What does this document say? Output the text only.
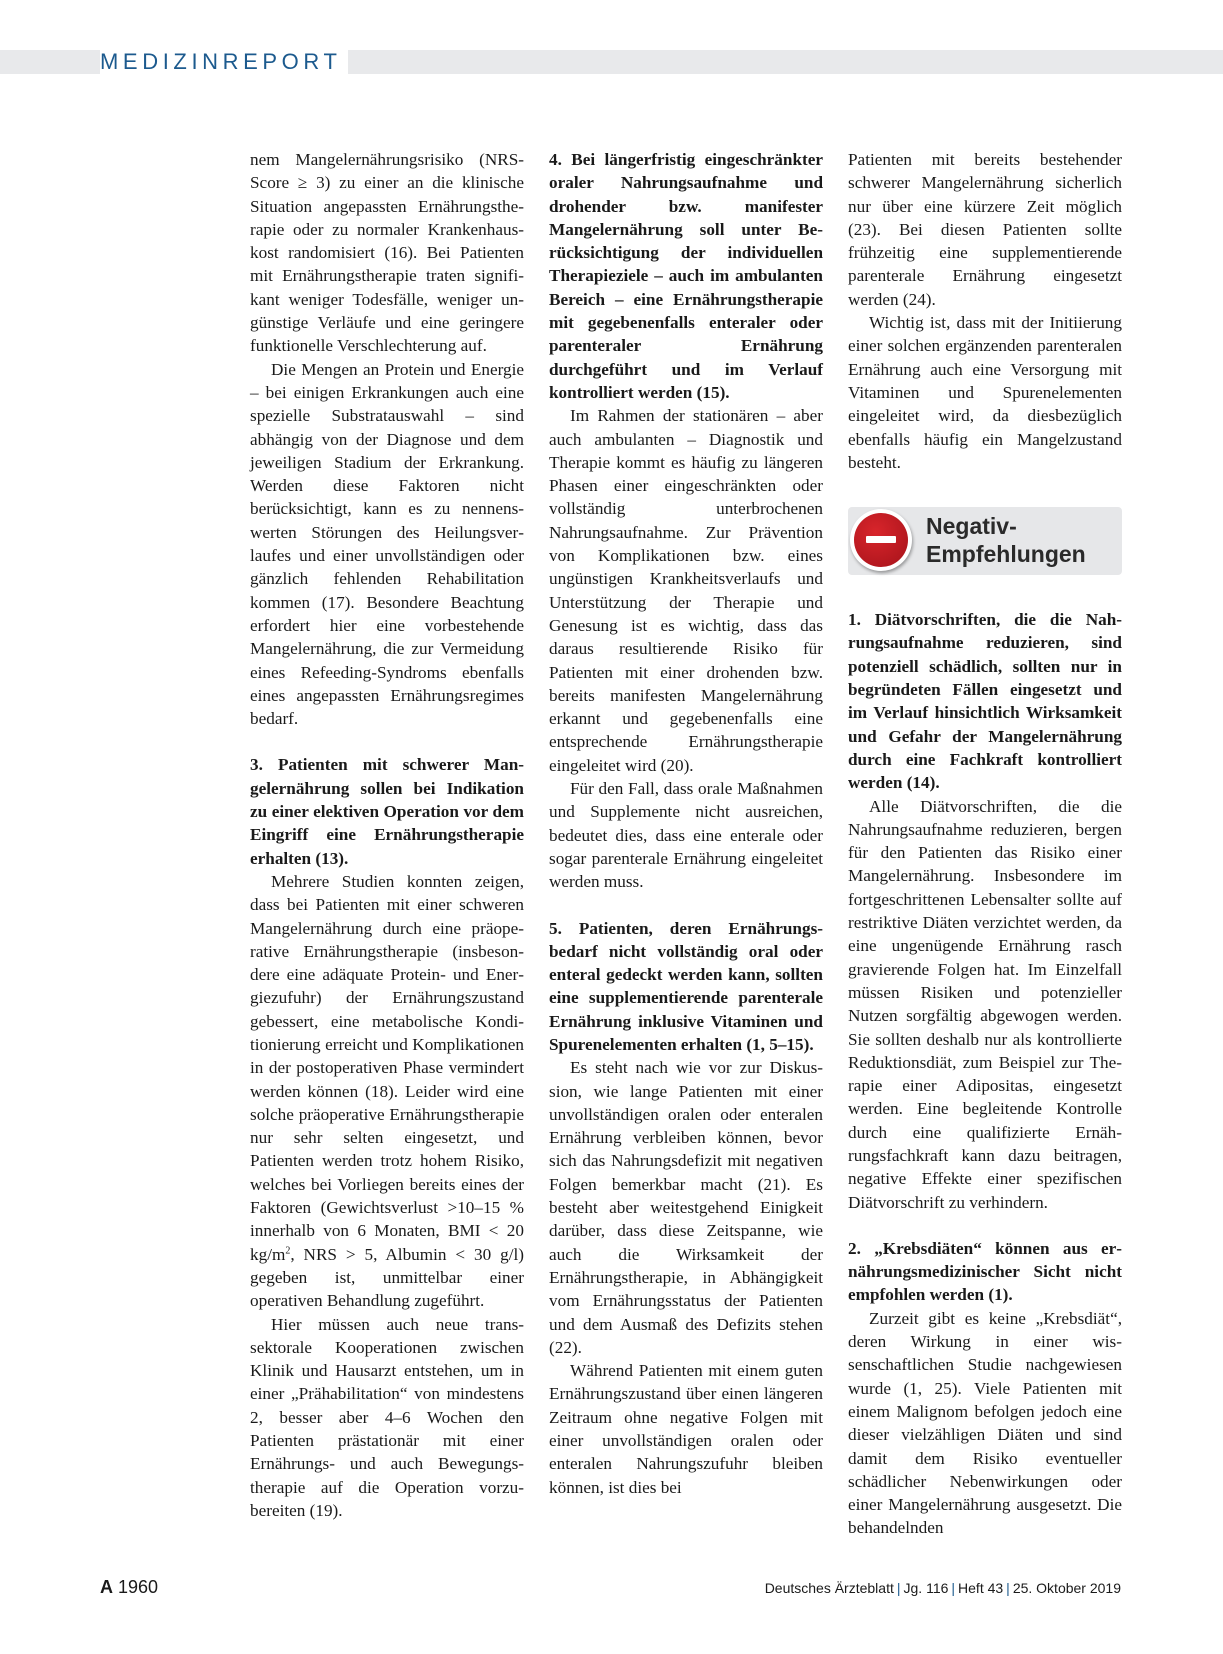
MEDIZINREPORT

nem Mangelernährungsrisiko (NRS-Score ≥ 3) zu einer an die klinische Situation angepassten Ernährungstherapie oder zu normaler Krankenhauskost randomisiert (16). Bei Patienten mit Ernährungstherapie traten signifikant weniger Todesfälle, weniger ungünstige Verläufe und eine geringere funktionelle Verschlechterung auf.

Die Mengen an Protein und Energie – bei einigen Erkrankungen auch eine spezielle Substratauswahl – sind abhängig von der Diagnose und dem jeweiligen Stadium der Erkrankung. Werden diese Faktoren nicht berücksichtigt, kann es zu nennenswerten Störungen des Heilungsverlaufes und einer unvollständigen oder gänzlich fehlenden Rehabilitation kommen (17). Besondere Beachtung erfordert hier eine vorbestehende Mangelernährung, die zur Vermeidung eines Refeeding-Syndroms ebenfalls eines angepassten Ernährungsregimes bedarf.

3. Patienten mit schwerer Mangelernährung sollen bei Indikation zu einer elektiven Operation vor dem Eingriff eine Ernährungstherapie erhalten (13).

Mehrere Studien konnten zeigen, dass bei Patienten mit einer schweren Mangelernährung durch eine präoperative Ernährungstherapie (insbesondere eine adäquate Protein- und Energiezufuhr) der Ernährungszustand gebessert, eine metabolische Konditionierung erreicht und Komplikationen in der postoperativen Phase vermindert werden können (18). Leider wird eine solche präoperative Ernährungstherapie nur sehr selten eingesetzt, und Patienten werden trotz hohem Risiko, welches bei Vorliegen bereits eines der Faktoren (Gewichtsverlust >10–15 % innerhalb von 6 Monaten, BMI < 20 $kg/m^2$, NRS > 5, Albumin < 30 g/l) gegeben ist, unmittelbar einer operativen Behandlung zugeführt.

Hier müssen auch neue transsektorale Kooperationen zwischen Klinik und Hausarzt entstehen, um in einer „Prähabilitation“ von mindestens 2, besser aber 4–6 Wochen den Patienten prästationär mit einer Ernährungs- und auch Bewegungstherapie auf die Operation vorzubereiten (19).

4. Bei längerfristig eingeschränkter oraler Nahrungsaufnahme und drohender bzw. manifester Mangelernährung soll unter Berücksichtigung der individuellen Therapieziele – auch im ambulanten Bereich – eine Ernährungstherapie mit gegebenenfalls enteraler oder parenteraler Ernährung durchgeführt und im Verlauf kontrolliert werden (15).

Im Rahmen der stationären – aber auch ambulanten – Diagnostik und Therapie kommt es häufig zu längeren Phasen einer eingeschränkten oder vollständig unterbrochenen Nahrungsaufnahme. Zur Prävention von Komplikationen bzw. eines ungünstigen Krankheitsverlaufs und Unterstützung der Therapie und Genesung ist es wichtig, dass das daraus resultierende Risiko für Patienten mit einer drohenden bzw. bereits manifesten Mangelernährung erkannt und gegebenenfalls eine entsprechende Ernährungstherapie eingeleitet wird (20).

Für den Fall, dass orale Maßnahmen und Supplemente nicht ausreichen, bedeutet dies, dass eine enterale oder sogar parenterale Ernährung eingeleitet werden muss.

5. Patienten, deren Ernährungsbedarf nicht vollständig oral oder enteral gedeckt werden kann, sollten eine supplementierende parenterale Ernährung inklusive Vitaminen und Spurenelementen erhalten (1, 5–15).

Es steht nach wie vor zur Diskussion, wie lange Patienten mit einer unvollständigen oralen oder enteralen Ernährung verbleiben können, bevor sich das Nahrungsdefizit mit negativen Folgen bemerkbar macht (21). Es besteht aber weitestgehend Einigkeit darüber, dass diese Zeitspanne, wie auch die Wirksamkeit der Ernährungstherapie, in Abhängigkeit vom Ernährungsstatus der Patienten und dem Ausmaß des Defizits stehen (22).

Während Patienten mit einem guten Ernährungszustand über einen längeren Zeitraum ohne negative Folgen mit einer unvollständigen oralen oder enteralen Nahrungszufuhr bleiben können, ist dies bei

Patienten mit bereits bestehender schwerer Mangelernährung sicherlich nur über eine kürzere Zeit möglich (23). Bei diesen Patienten sollte frühzeitig eine supplementierende parenterale Ernährung eingesetzt werden (24).

Wichtig ist, dass mit der Initiierung einer solchen ergänzenden parenteralen Ernährung auch eine Versorgung mit Vitaminen und Spurenelementen eingeleitet wird, da diesbezüglich ebenfalls häufig ein Mangelzustand besteht.

Negativ-
Empfehlungen

1. Diätvorschriften, die die Nahrungsaufnahme reduzieren, sind potenziell schädlich, sollten nur in begründeten Fällen eingesetzt und im Verlauf hinsichtlich Wirksamkeit und Gefahr der Mangelernährung durch eine Fachkraft kontrolliert werden (14).

Alle Diätvorschriften, die die Nahrungsaufnahme reduzieren, bergen für den Patienten das Risiko einer Mangelernährung. Insbesondere im fortgeschrittenen Lebensalter sollte auf restriktive Diäten verzichtet werden, da eine ungenügende Ernährung rasch gravierende Folgen hat. Im Einzelfall müssen Risiken und potenzieller Nutzen sorgfältig abgewogen werden. Sie sollten deshalb nur als kontrollierte Reduktionsdiät, zum Beispiel zur Therapie einer Adipositas, eingesetzt werden. Eine begleitende Kontrolle durch eine qualifizierte Ernährungsfachkraft kann dazu beitragen, negative Effekte einer spezifischen Diätvorschrift zu verhindern.

2. „Krebsdiäten“ können aus ernährungsmedizinischer Sicht nicht empfohlen werden (1).

Zurzeit gibt es keine „Krebsdiät“, deren Wirkung in einer wissenschaftlichen Studie nachgewiesen wurde (1, 25). Viele Patienten mit einem Malignom befolgen jedoch eine dieser vielzähligen Diäten und sind damit dem Risiko eventueller schädlicher Nebenwirkungen oder einer Mangelernährung ausgesetzt. Die behandelnden

A 1960	Deutsches Ärzteblatt | Jg. 116 | Heft 43 | 25. Oktober 2019
